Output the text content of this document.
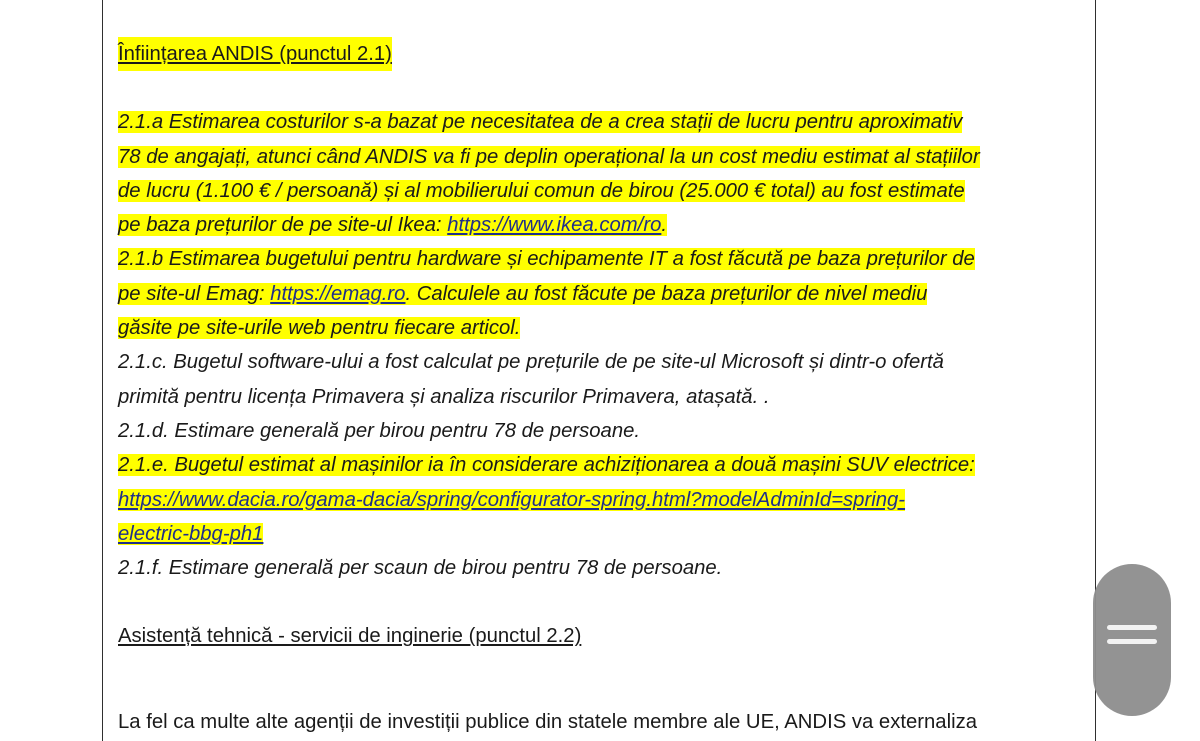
Înființarea ANDIS (punctul 2.1)
2.1.a Estimarea costurilor s-a bazat pe necesitatea de a crea stații de lucru pentru aproximativ
78 de angajați, atunci când ANDIS va fi pe deplin operațional la un cost mediu estimat al stațiilor
de lucru (1.100 € / persoană) și al mobilierului comun de birou (25.000 € total) au fost estimate
pe baza prețurilor de pe site-ul Ikea: https://www.ikea.com/ro.
2.1.b Estimarea bugetului pentru hardware și echipamente IT a fost făcută pe baza prețurilor de
pe site-ul Emag: https://emag.ro. Calculele au fost făcute pe baza prețurilor de nivel mediu
găsite pe site-urile web pentru fiecare articol.
2.1.c. Bugetul software-ului a fost calculat pe prețurile de pe site-ul Microsoft și dintr-o ofertă
primită pentru licența Primavera și analiza riscurilor Primavera, atașată. .
2.1.d. Estimare generală per birou pentru 78 de persoane.
2.1.e. Bugetul estimat al mașinilor ia în considerare achiziționarea a două mașini SUV electrice:
https://www.dacia.ro/gama-dacia/spring/configurator-spring.html?modelAdminId=spring-
electric-bbg-ph1
2.1.f. Estimare generală per scaun de birou pentru 78 de persoane.
Asistență tehnică - servicii de inginerie (punctul 2.2)
La fel ca multe alte agenții de investiții publice din statele membre ale UE, ANDIS va externaliza
